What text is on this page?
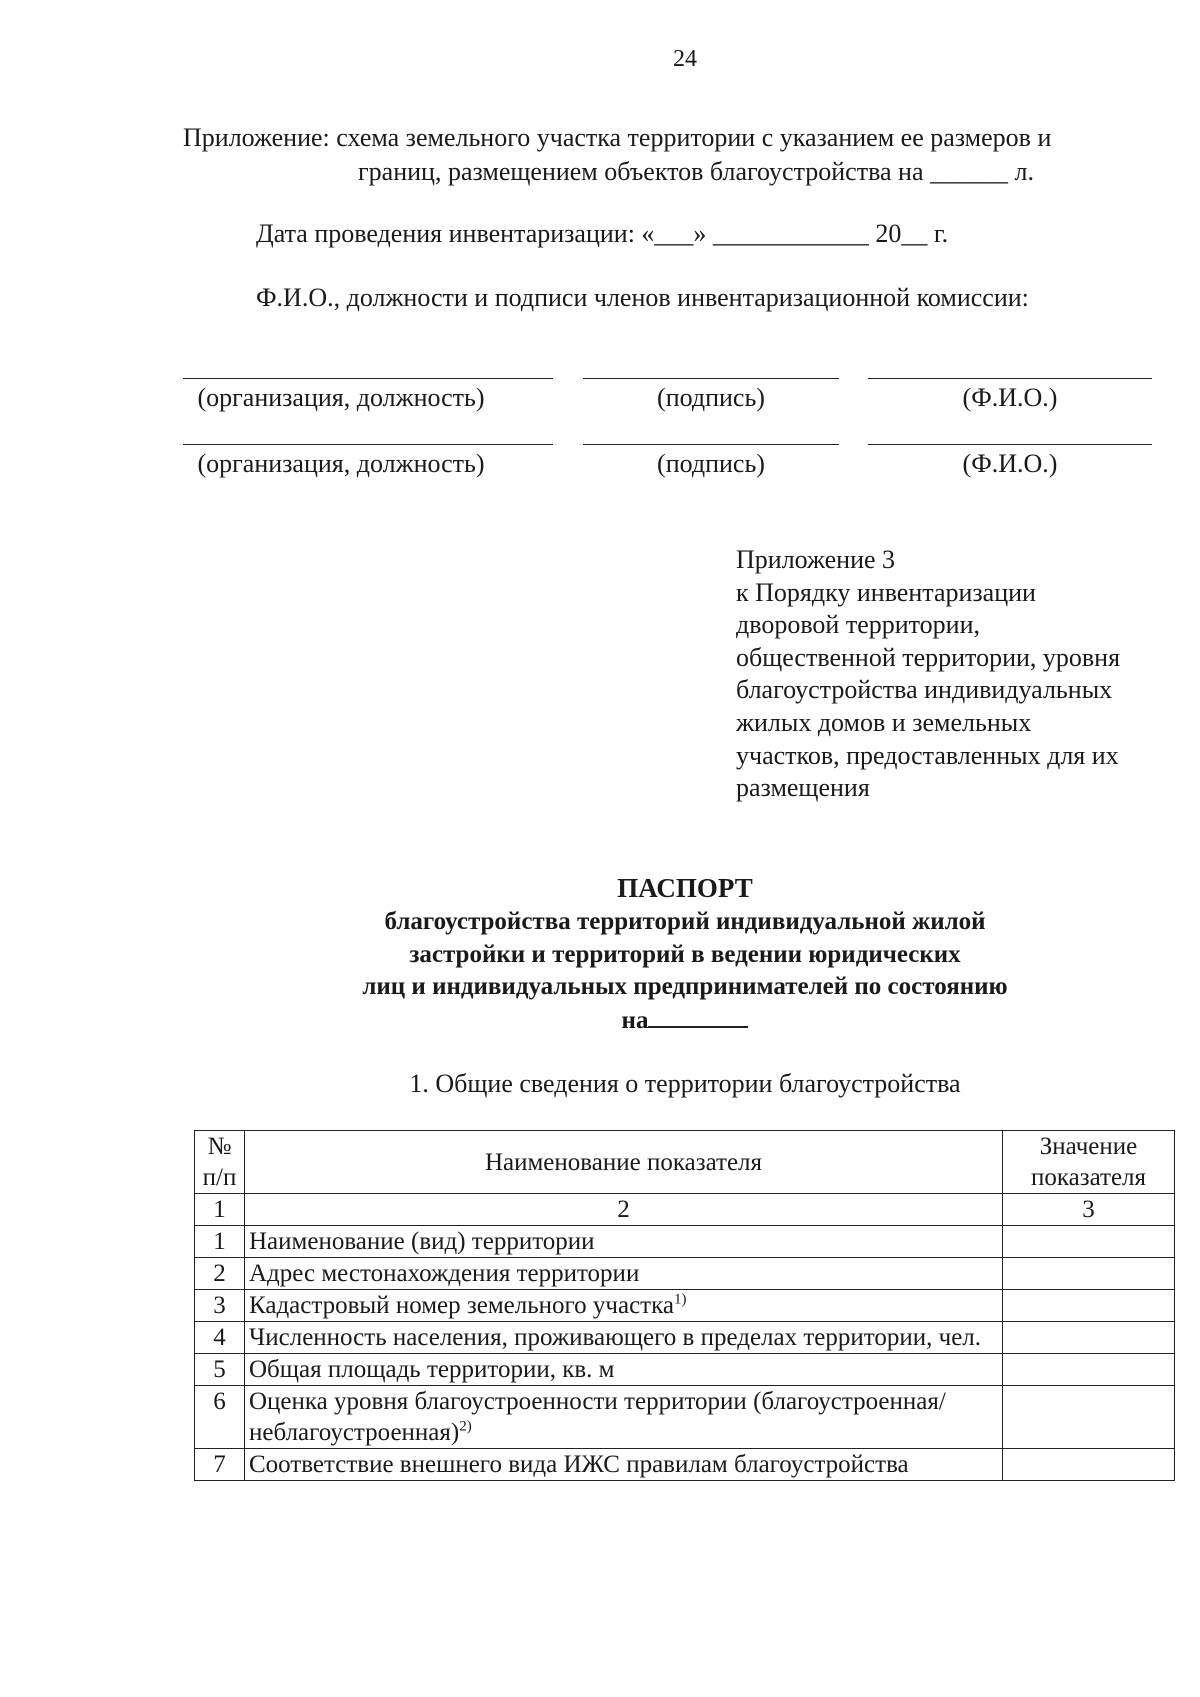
24
Приложение: схема земельного участка территории с указанием ее размеров и
границ, размещением объектов благоустройства на ______ л.
Дата проведения инвентаризации: «___» ____________ 20__ г.
Ф.И.О., должности и подписи членов инвентаризационной комиссии:
(организация, должность)	(подпись)	(Ф.И.О.)
(организация, должность)	(подпись)	(Ф.И.О.)
Приложение 3
к Порядку инвентаризации
дворовой территории,
общественной территории, уровня
благоустройства индивидуальных
жилых домов и земельных
участков, предоставленных для их
размещения
ПАСПОРТ
благоустройства территорий индивидуальной жилой
застройки и территорий в ведении юридических
лиц и индивидуальных предпринимателей по состоянию
на
1. Общие сведения о территории благоустройства
№ п/п	Наименование показателя	Значение показателя
1	2	3
1	Наименование (вид) территории	
2	Адрес местонахождения территории	
3	Кадастровый номер земельного участка$^{1)}$	
4	Численность населения, проживающего в пределах территории, чел.	
5	Общая площадь территории, кв. м	
6	Оценка уровня благоустроенности территории (благоустроенная/неблагоустроенная)$^{2)}$	
7	Соответствие внешнего вида ИЖС правилам благоустройства	
